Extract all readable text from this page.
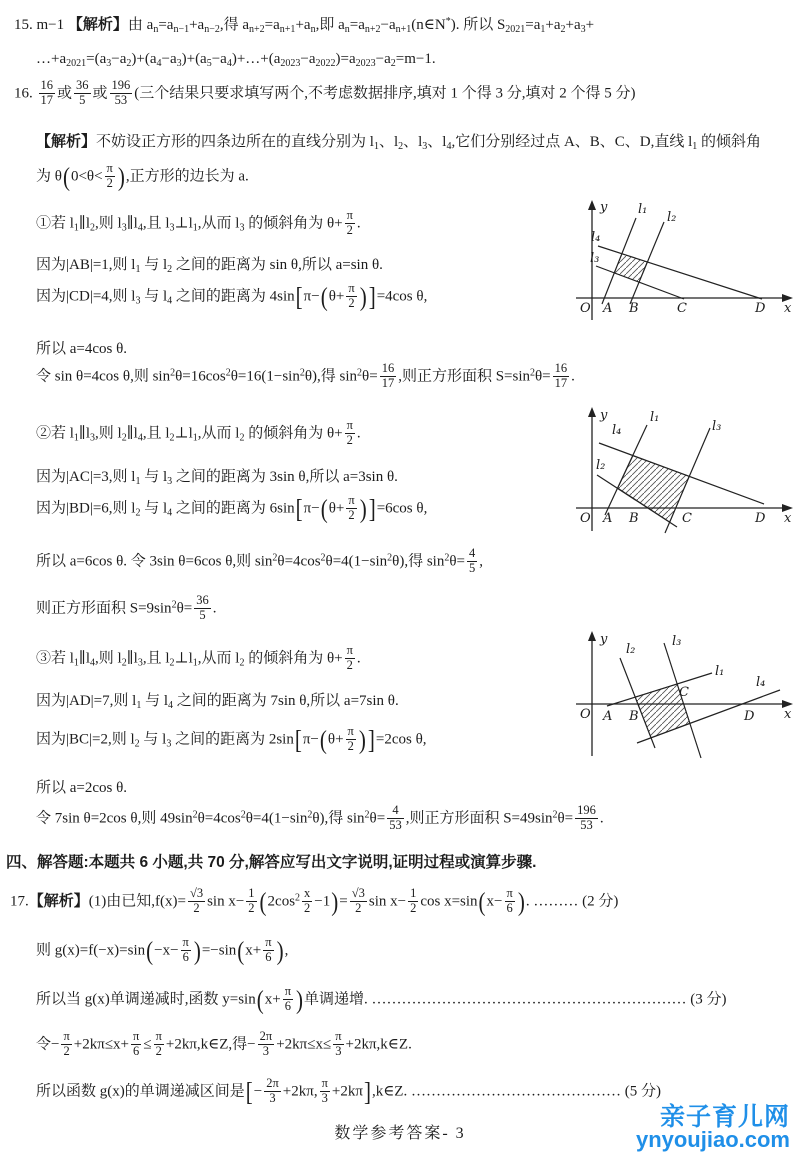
15. m−1 【解析】由 $a_n=a_{n-1}+a_{n-2}$,得 $a_{n+2}=a_{n+1}+a_n$,即 $a_n=a_{n+2}-a_{n+1}(n\in N^*)$. 所以 $S_{2021}=a_1+a_2+a_3+$
$\dots+a_{2021}=(a_3-a_2)+(a_4-a_3)+(a_5-a_4)+\dots+(a_{2023}-a_{2022})=a_{2023}-a_2=m-1$.
16. $\frac{16}{17}$ 或 $\frac{36}{5}$ 或 $\frac{196}{53}$ (三个结果只要求填写两个,不考虑数据排序,填对 1 个得 3 分,填对 2 个得 5 分)
【解析】不妨设正方形的四条边所在的直线分别为 $l_1$、$l_2$、$l_3$、$l_4$,它们分别经过点 A、B、C、D,直线 $l_1$ 的倾斜角
为 $\theta(0<\theta< \frac{\pi}{2}$ ),正方形的边长为 a.
①若 $l_1\parallel l_2$,则 $l_3\parallel l_4$,且 $l_3\perp l_1$,从而 $l_3$ 的倾斜角为 $\theta+ \frac{\pi}{2}$ .
因为|AB|=1,则 $l_1$ 与 $l_2$ 之间的距离为 sin θ,所以 a=sin θ.
因为|CD|=4,则 $l_3$ 与 $l_4$ 之间的距离为 $4\sin[\pi-(\theta+ \frac{\pi}{2} )]=4\cos$ θ,
所以 a=4cos θ.
令 sin θ=4cos θ,则 $\sin^2\theta=16\cos^2\theta=16(1-\sin^2\theta)$,得 $\sin^2\theta= \frac{16}{17}$ ,则正方形面积 $S=\sin^2\theta= \frac{16}{17}$ .
②若 $l_1\parallel l_3$,则 $l_2\parallel l_4$,且 $l_2\perp l_1$,从而 $l_2$ 的倾斜角为 $\theta+ \frac{\pi}{2}$ .
因为|AC|=3,则 $l_1$ 与 $l_3$ 之间的距离为 3sin θ,所以 a=3sin θ.
因为|BD|=6,则 $l_2$ 与 $l_4$ 之间的距离为 $6\sin[\pi-(\theta+ \frac{\pi}{2} )]=6\cos$ θ,
所以 a=6cos θ. 令 3sin θ=6cos θ,则 $\sin^2\theta=4\cos^2\theta=4(1-\sin^2\theta)$,得 $\sin^2\theta= \frac{4}{5}$ ,
则正方形面积 $S=9\sin^2\theta= \frac{36}{5}$ .
③若 $l_1\parallel l_4$,则 $l_2\parallel l_3$,且 $l_2\perp l_1$,从而 $l_2$ 的倾斜角为 $\theta+ \frac{\pi}{2}$ .
因为|AD|=7,则 $l_1$ 与 $l_4$ 之间的距离为 7sin θ,所以 a=7sin θ.
因为|BC|=2,则 $l_2$ 与 $l_3$ 之间的距离为 $2\sin[\pi-(\theta+ \frac{\pi}{2} )]=2\cos$ θ,
所以 a=2cos θ.
令 7sin θ=2cos θ,则 $49\sin^2\theta=4\cos^2\theta=4(1-\sin^2\theta)$,得 $\sin^2\theta= \frac{4}{53}$ ,则正方形面积 $S=49\sin^2\theta= \frac{196}{53}$ .
四、解答题:本题共 6 小题,共 70 分,解答应写出文字说明,证明过程或演算步骤.
17.【解析】(1)由已知$,f(x)= \frac{√3}{2}$ $\sin x- \frac{1}{2} (2\cos^2 \frac{x}{2} -1)= \frac{√3}{2}$ $\sin x- \frac{1}{2}$ $\cos x=\sin(x- \frac{\pi}{6}$ ). ……… (2 分)
则 $g(x)=f(-x)=\sin(-x- \frac{\pi}{6} )=-\sin(x+ \frac{\pi}{6}$ ),
所以当 g(x)单调递减时,函数 $y=\sin(x+ \frac{\pi}{6}$ )单调递增. ……………………………………………………… (3 分)
令− $\frac{\pi}{2} +2k\pi\le x+ \frac{\pi}{6} \le \frac{\pi}{2}$ +2kπ,k∈Z,得− $\frac{2\pi}{3} +2k\pi\le x\le \frac{\pi}{3}$ +2kπ,k∈Z.
所以函数 g(x)的单调递减区间是[− $\frac{2\pi}{3} +2k\pi$, $\frac{\pi}{3}$ +2kπ],k∈Z. …………………………………… (5 分)
y
x
O A B	C	D
l₁
l₂
l₃
l₄
y
x
O A B	C	D
l₁
l₂
l₃
l₄
y
x
O A B
C
D
l₁
l₂
l₃
l₄
数学参考答案- 3
亲子育儿网
ynyoujiao.com
